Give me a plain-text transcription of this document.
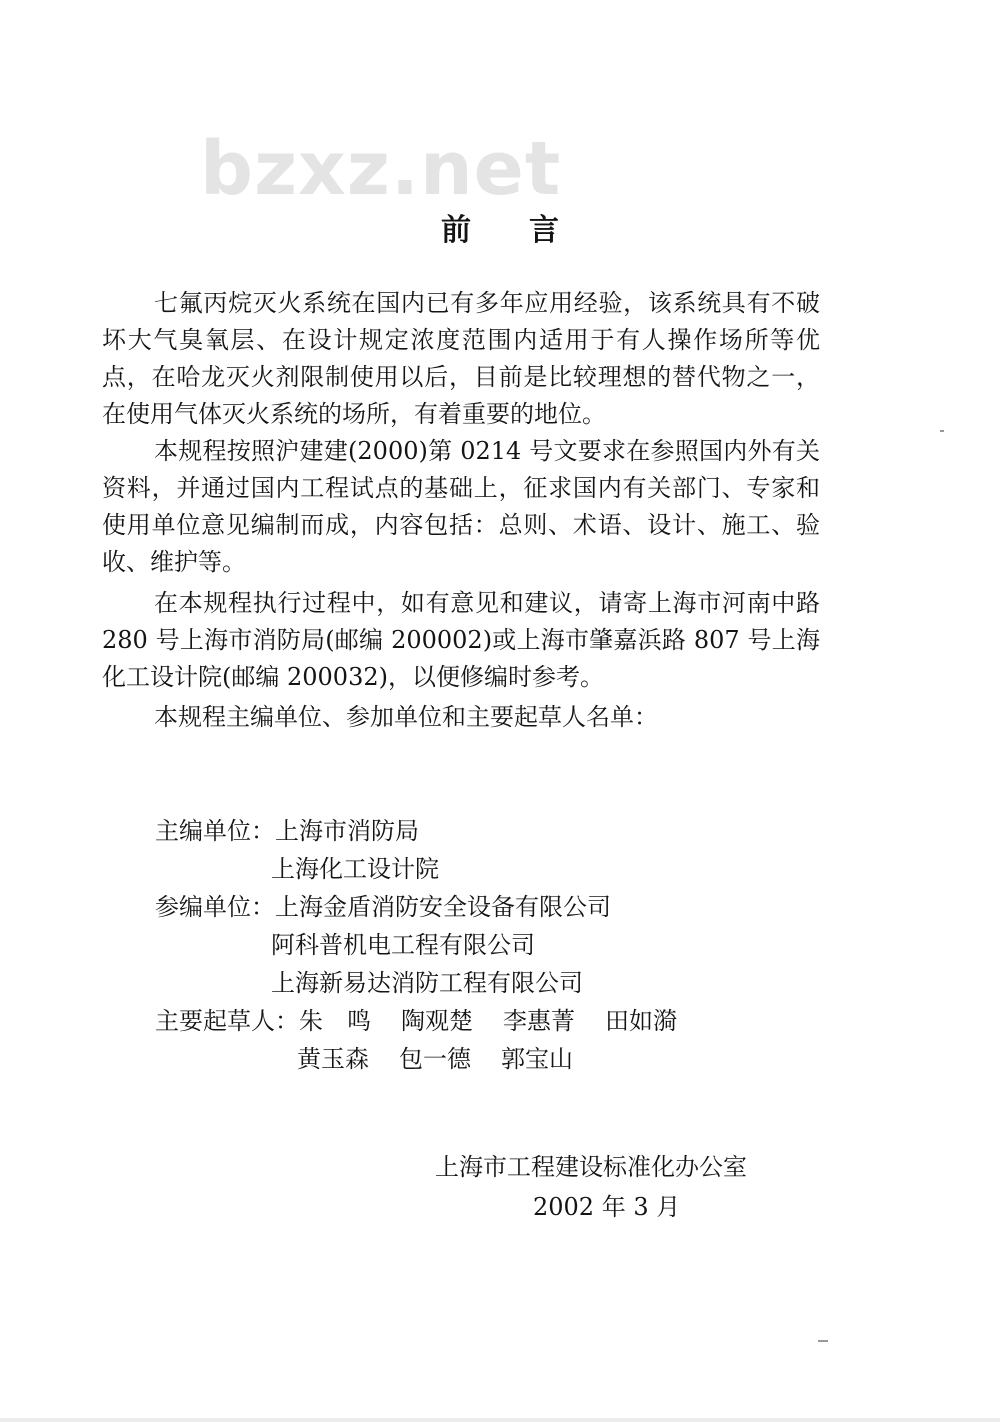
bzxz.net
前 言

七氟丙烷灭火系统在国内已有多年应用经验，该系统具有不破坏大气臭氧层、在设计规定浓度范围内适用于有人操作场所等优点，在哈龙灭火剂限制使用以后，目前是比较理想的替代物之一，在使用气体灭火系统的场所，有着重要的地位。

本规程按照沪建建(2000)第 0214 号文要求在参照国内外有关资料，并通过国内工程试点的基础上，征求国内有关部门、专家和使用单位意见编制而成，内容包括：总则、术语、设计、施工、验收、维护等。

在本规程执行过程中，如有意见和建议，请寄上海市河南中路 280 号上海市消防局(邮编 200002)或上海市肇嘉浜路 807 号上海化工设计院(邮编 200032)，以便修编时参考。

本规程主编单位、参加单位和主要起草人名单：

主编单位：上海市消防局
上海化工设计院
参编单位：上海金盾消防安全设备有限公司
阿科普机电工程有限公司
上海新易达消防工程有限公司
主要起草人：朱　鸣 陶观楚 李惠菁 田如漪
黄玉森 包一德 郭宝山
上海市工程建设标准化办公室
2002 年 3 月
